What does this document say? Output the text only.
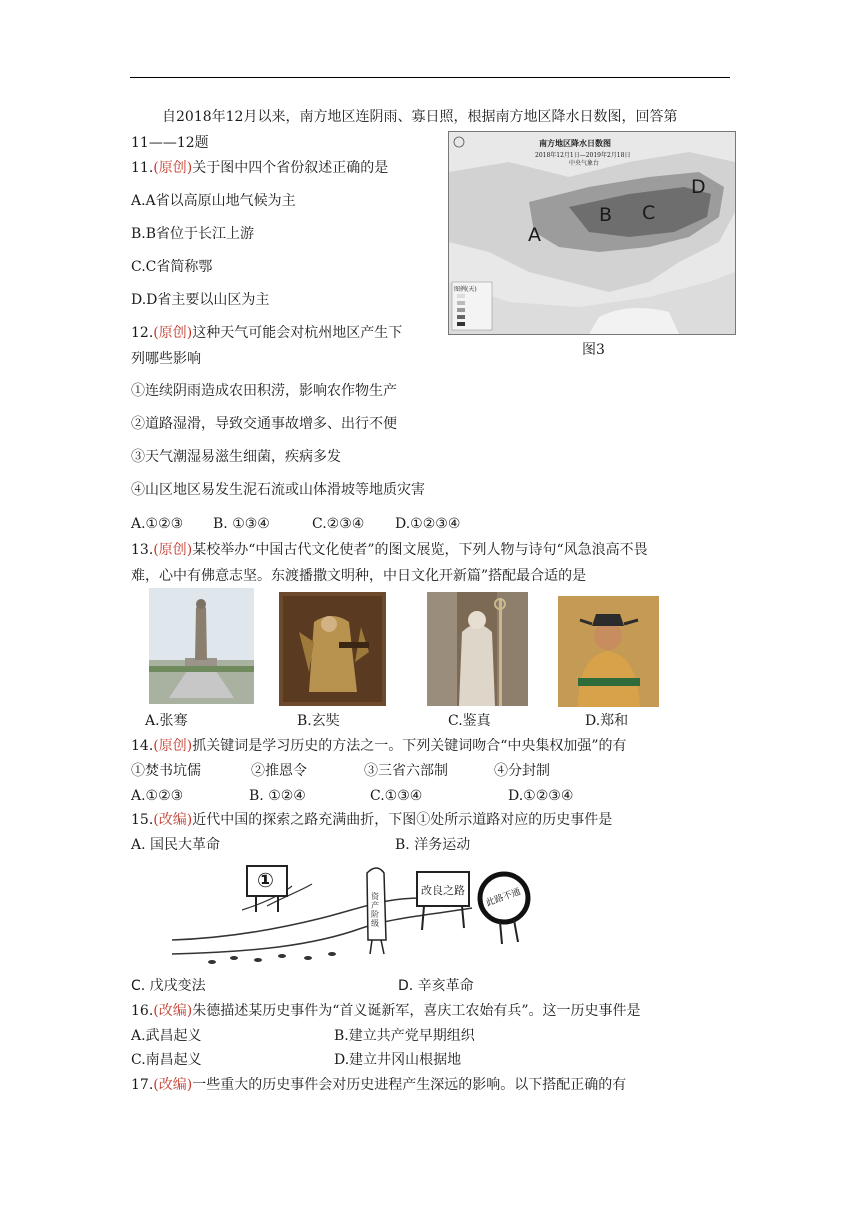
自2018年12月以来，南方地区连阴雨、寡日照，根据南方地区降水日数图，回答第
11——12题
11.(原创)关于图中四个省份叙述正确的是
A.A省以高原山地气候为主
B.B省位于长江上游
C.C省简称鄂
D.D省主要以山区为主
南方地区降水日数图
2018年12月1日—2019年2月18日
中央气象台
图例(天)
A
B C
D
图3
12.(原创)这种天气可能会对杭州地区产生下
列哪些影响
①连续阴雨造成农田积涝，影响农作物生产
②道路湿滑，导致交通事故增多、出行不便
③天气潮湿易滋生细菌，疾病多发
④山区地区易发生泥石流或山体滑坡等地质灾害
A.①②③ B. ①③④	C.②③④ D.①②③④
13.(原创)某校举办“中国古代文化使者”的图文展览，下列人物与诗句“风急浪高不畏
难，心中有佛意志坚。东渡播撒文明种，中日文化开新篇”搭配最合适的是
A.张骞	B.玄奘	C.鉴真	D.郑和
14.(原创)抓关键词是学习历史的方法之一。下列关键词吻合“中央集权加强”的有
①焚书坑儒	②推恩令	③三省六部制	④分封制
A.①②③	B. ①②④	C.①③④	D.①②③④
15.(改编)近代中国的探索之路充满曲折，下图①处所示道路对应的历史事件是
A. 国民大革命	B. 洋务运动
①
资产阶级
改良之路 此路不通
C. 戊戌变法	D. 辛亥革命
16.(改编)朱德描述某历史事件为“首义诞新军，喜庆工农始有兵”。这一历史事件是
A.武昌起义	B.建立共产党早期组织
C.南昌起义	D.建立井冈山根据地
17.(改编)一些重大的历史事件会对历史进程产生深远的影响。以下搭配正确的有
